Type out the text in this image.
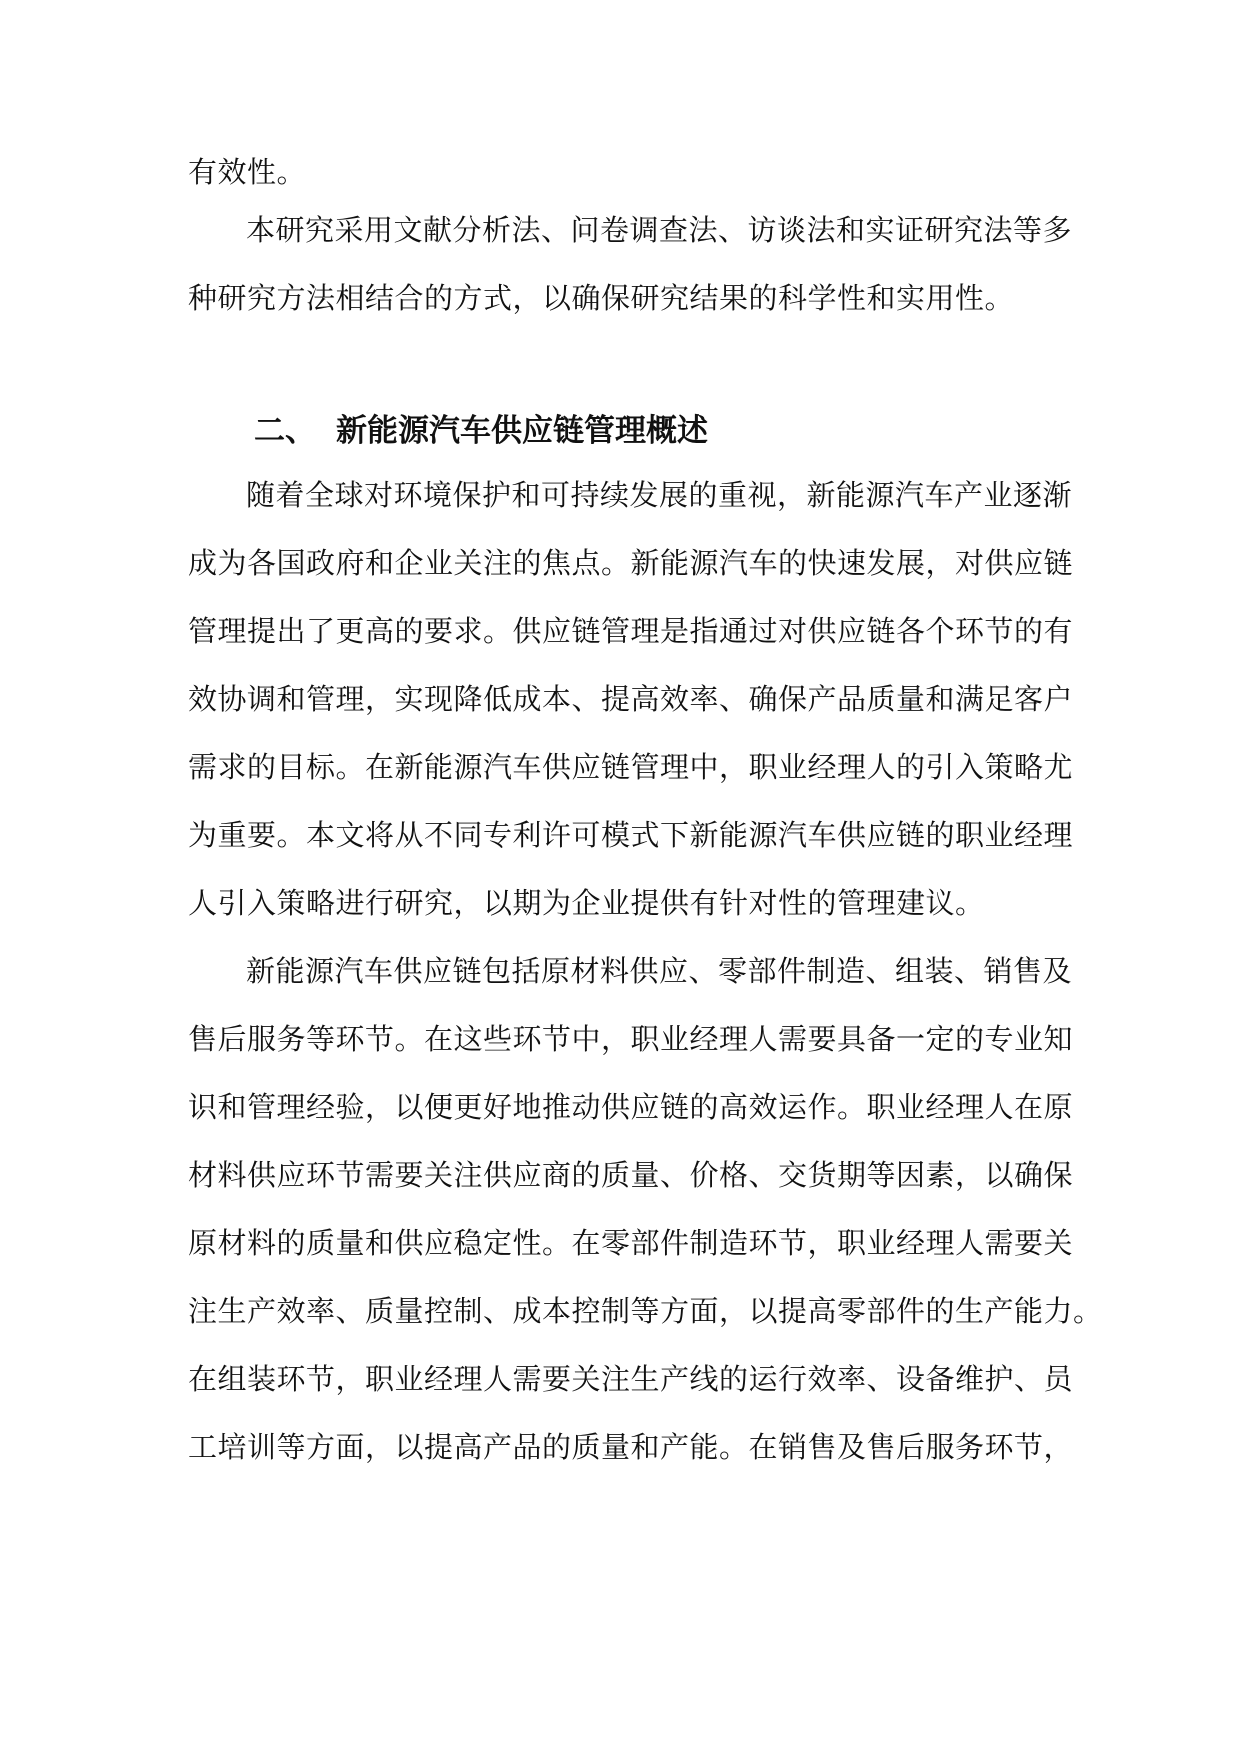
有效性。
本研究采用文献分析法、问卷调查法、访谈法和实证研究法等多
种研究方法相结合的方式，以确保研究结果的科学性和实用性。
二、 新能源汽车供应链管理概述
随着全球对环境保护和可持续发展的重视，新能源汽车产业逐渐
成为各国政府和企业关注的焦点。新能源汽车的快速发展，对供应链
管理提出了更高的要求。供应链管理是指通过对供应链各个环节的有
效协调和管理，实现降低成本、提高效率、确保产品质量和满足客户
需求的目标。在新能源汽车供应链管理中，职业经理人的引入策略尤
为重要。本文将从不同专利许可模式下新能源汽车供应链的职业经理
人引入策略进行研究，以期为企业提供有针对性的管理建议。
新能源汽车供应链包括原材料供应、零部件制造、组装、销售及
售后服务等环节。在这些环节中，职业经理人需要具备一定的专业知
识和管理经验，以便更好地推动供应链的高效运作。职业经理人在原
材料供应环节需要关注供应商的质量、价格、交货期等因素，以确保
原材料的质量和供应稳定性。在零部件制造环节，职业经理人需要关
注生产效率、质量控制、成本控制等方面，以提高零部件的生产能力。
在组装环节，职业经理人需要关注生产线的运行效率、设备维护、员
工培训等方面，以提高产品的质量和产能。在销售及售后服务环节，
